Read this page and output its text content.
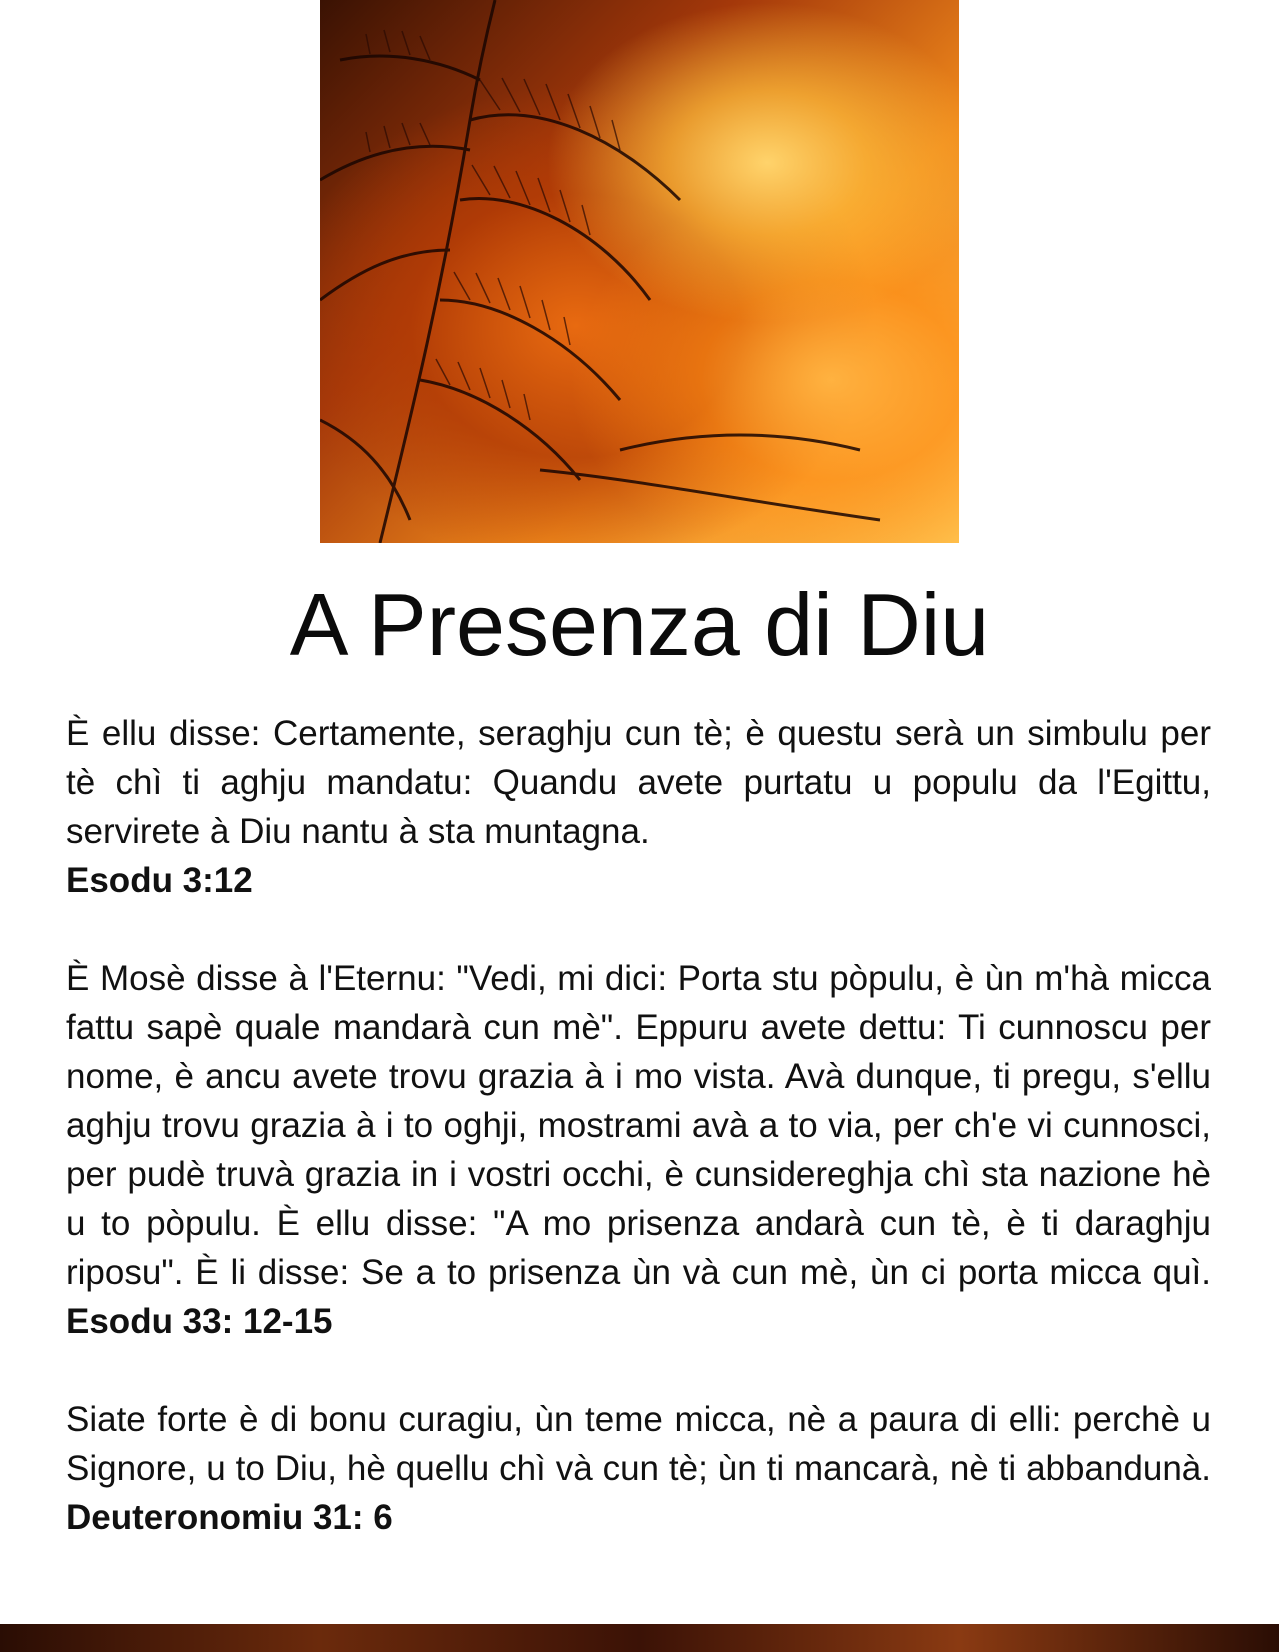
A Presenza di Diu

È ellu disse: Certamente, seraghju cun tè; è questu serà un simbulu per tè chì ti aghju mandatu: Quandu avete purtatu u populu da l'Egittu, servirete à Diu nantu à sta muntagna.
Esodu 3:12

È Mosè disse à l'Eternu: "Vedi, mi dici: Porta stu pòpulu, è ùn m'hà micca fattu sapè quale mandarà cun mè". Eppuru avete dettu: Ti cunnoscu per nome, è ancu avete trovu grazia à i mo vista. Avà dunque, ti pregu, s'ellu aghju trovu grazia à i to oghji, mostrami avà a to via, per ch'e vi cunnosci, per pudè truvà grazia in i vostri occhi, è cunsidereghja chì sta nazione hè u to pòpulu. È ellu disse: "A mo prisenza andarà cun tè, è ti daraghju riposu". È li disse: Se a to prisenza ùn và cun mè, ùn ci porta micca quì. Esodu 33: 12-15

Siate forte è di bonu curagiu, ùn teme micca, nè a paura di elli: perchè u Signore, u to Diu, hè quellu chì và cun tè; ùn ti mancarà, nè ti abbandunà. Deuteronomiu 31: 6
